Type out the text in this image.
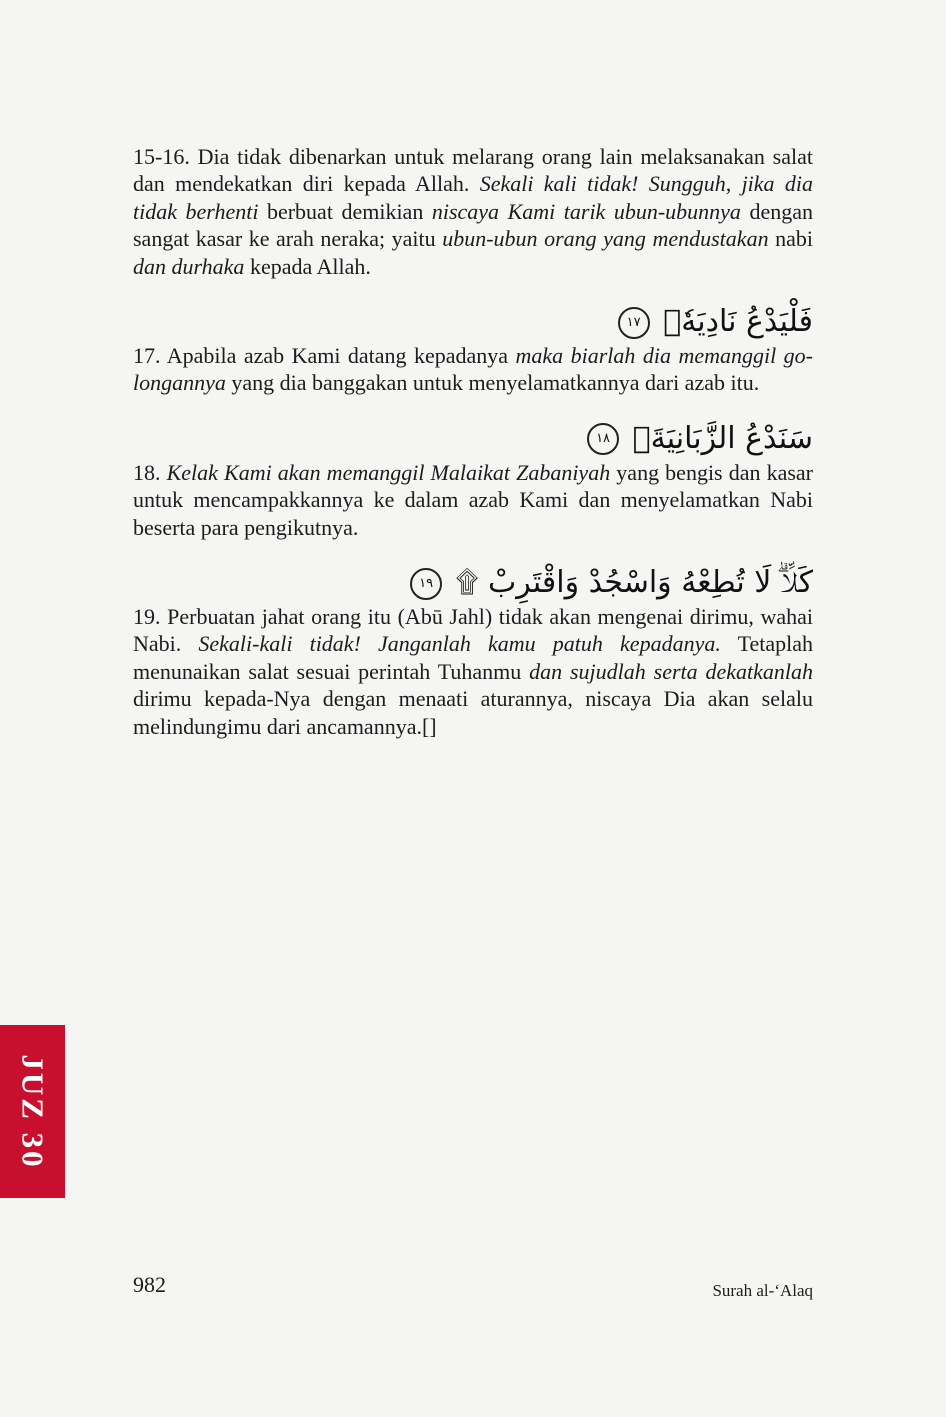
15-16. Dia tidak dibenarkan untuk melarang orang lain melaksanakan salat dan mendekatkan diri kepada Allah. Sekali kali tidak! Sungguh, jika dia tidak berhenti berbuat demikian niscaya Kami tarik ubun-ubunnya dengan sangat kasar ke arah neraka; yaitu ubun-ubun orang yang mendustakan nabi dan durhaka kepada Allah.

فَلْيَدْعُ نَادِيَهٗۙ ١٧

17. Apabila azab Kami datang kepadanya maka biarlah dia memanggil golongannya yang dia banggakan untuk menyelamatkannya dari azab itu.

سَنَدْعُ الزَّبَانِيَةَۙ ١٨

18. Kelak Kami akan memanggil Malaikat Zabaniyah yang bengis dan kasar untuk mencampakkannya ke dalam azab Kami dan menyelamatkan Nabi beserta para pengikutnya.

كَلَّاۗ لَا تُطِعْهُ وَاسْجُدْ وَاقْتَرِبْ ۩ ١٩

19. Perbuatan jahat orang itu (Abū Jahl) tidak akan mengenai dirimu, wahai Nabi. Sekali-kali tidak! Janganlah kamu patuh kepadanya. Tetaplah menunaikan salat sesuai perintah Tuhanmu dan sujudlah serta dekatkanlah dirimu kepada-Nya dengan menaati aturannya, niscaya Dia akan selalu melindungimu dari ancamannya.[]

JUZ 30
982	Surah al-‘Alaq
